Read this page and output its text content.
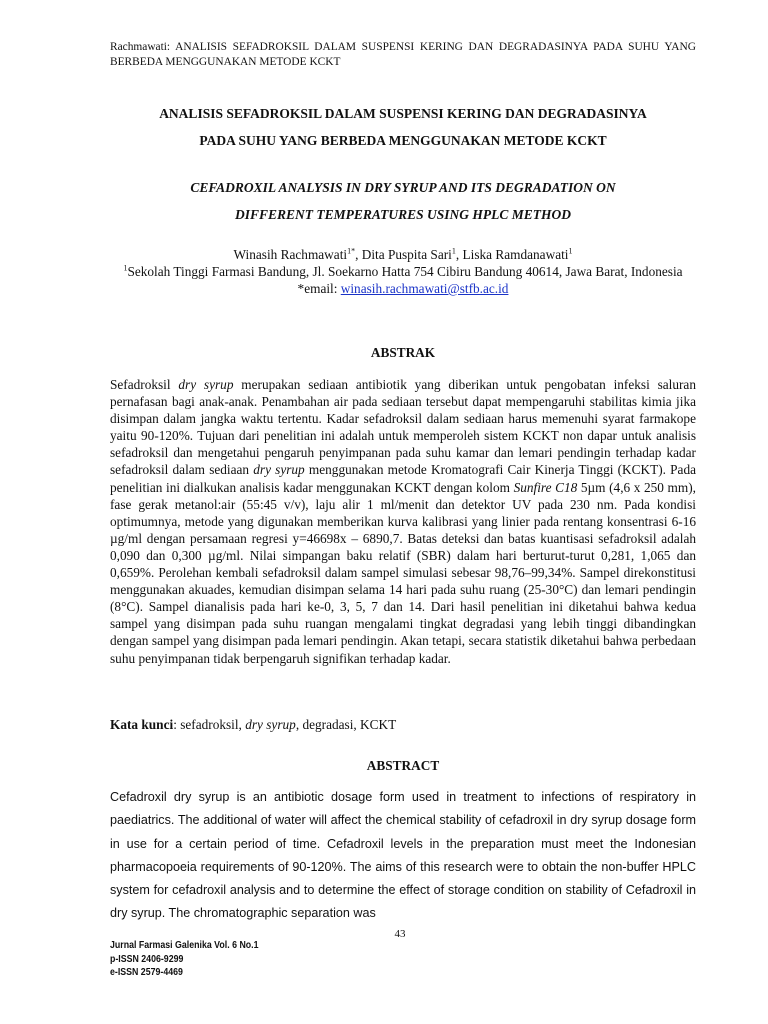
Rachmawati: ANALISIS SEFADROKSIL DALAM SUSPENSI KERING DAN DEGRADASINYA PADA SUHU YANG BERBEDA MENGGUNAKAN METODE KCKT
ANALISIS SEFADROKSIL DALAM SUSPENSI KERING DAN DEGRADASINYA
PADA SUHU YANG BERBEDA MENGGUNAKAN METODE KCKT
CEFADROXIL ANALYSIS IN DRY SYRUP AND ITS DEGRADATION ON
DIFFERENT TEMPERATURES USING HPLC METHOD
Winasih Rachmawati$^{1*}$, Dita Puspita Sari$^1$, Liska Ramdanawati$^1$
$^1$Sekolah Tinggi Farmasi Bandung, Jl. Soekarno Hatta 754 Cibiru Bandung 40614, Jawa Barat, Indonesia
*email: winasih.rachmawati@stfb.ac.id
ABSTRAK
Sefadroksil dry syrup merupakan sediaan antibiotik yang diberikan untuk pengobatan infeksi saluran pernafasan bagi anak-anak. Penambahan air pada sediaan tersebut dapat mempengaruhi stabilitas kimia jika disimpan dalam jangka waktu tertentu. Kadar sefadroksil dalam sediaan harus memenuhi syarat farmakope yaitu 90-120%. Tujuan dari penelitian ini adalah untuk memperoleh sistem KCKT non dapar untuk analisis sefadroksil dan mengetahui pengaruh penyimpanan pada suhu kamar dan lemari pendingin terhadap kadar sefadroksil dalam sediaan dry syrup menggunakan metode Kromatografi Cair Kinerja Tinggi (KCKT). Pada penelitian ini dialkukan analisis kadar menggunakan KCKT dengan kolom Sunfire C18 5µm (4,6 x 250 mm), fase gerak metanol:air (55:45 v/v), laju alir 1 ml/menit dan detektor UV pada 230 nm. Pada kondisi optimumnya, metode yang digunakan memberikan kurva kalibrasi yang linier pada rentang konsentrasi 6-16 µg/ml dengan persamaan regresi y=46698x – 6890,7. Batas deteksi dan batas kuantisasi sefadroksil adalah 0,090 dan 0,300 µg/ml. Nilai simpangan baku relatif (SBR) dalam hari berturut-turut 0,281, 1,065 dan 0,659%. Perolehan kembali sefadroksil dalam sampel simulasi sebesar 98,76–99,34%. Sampel direkonstitusi menggunakan akuades, kemudian disimpan selama 14 hari pada suhu ruang (25-30°C) dan lemari pendingin (8°C). Sampel dianalisis pada hari ke-0, 3, 5, 7 dan 14. Dari hasil penelitian ini diketahui bahwa kedua sampel yang disimpan pada suhu ruangan mengalami tingkat degradasi yang lebih tinggi dibandingkan dengan sampel yang disimpan pada lemari pendingin. Akan tetapi, secara statistik diketahui bahwa perbedaan suhu penyimpanan tidak berpengaruh signifikan terhadap kadar.
Kata kunci: sefadroksil, dry syrup, degradasi, KCKT
ABSTRACT
Cefadroxil dry syrup is an antibiotic dosage form used in treatment to infections of respiratory in paediatrics. The additional of water will affect the chemical stability of cefadroxil in dry syrup dosage form in use for a certain period of time. Cefadroxil levels in the preparation must meet the Indonesian pharmacopoeia requirements of 90-120%. The aims of this research were to obtain the non-buffer HPLC system for cefadroxil analysis and to determine the effect of storage condition on stability of Cefadroxil in dry syrup. The chromatographic separation was
43
Jurnal Farmasi Galenika Vol. 6 No.1
p-ISSN 2406-9299
e-ISSN 2579-4469
